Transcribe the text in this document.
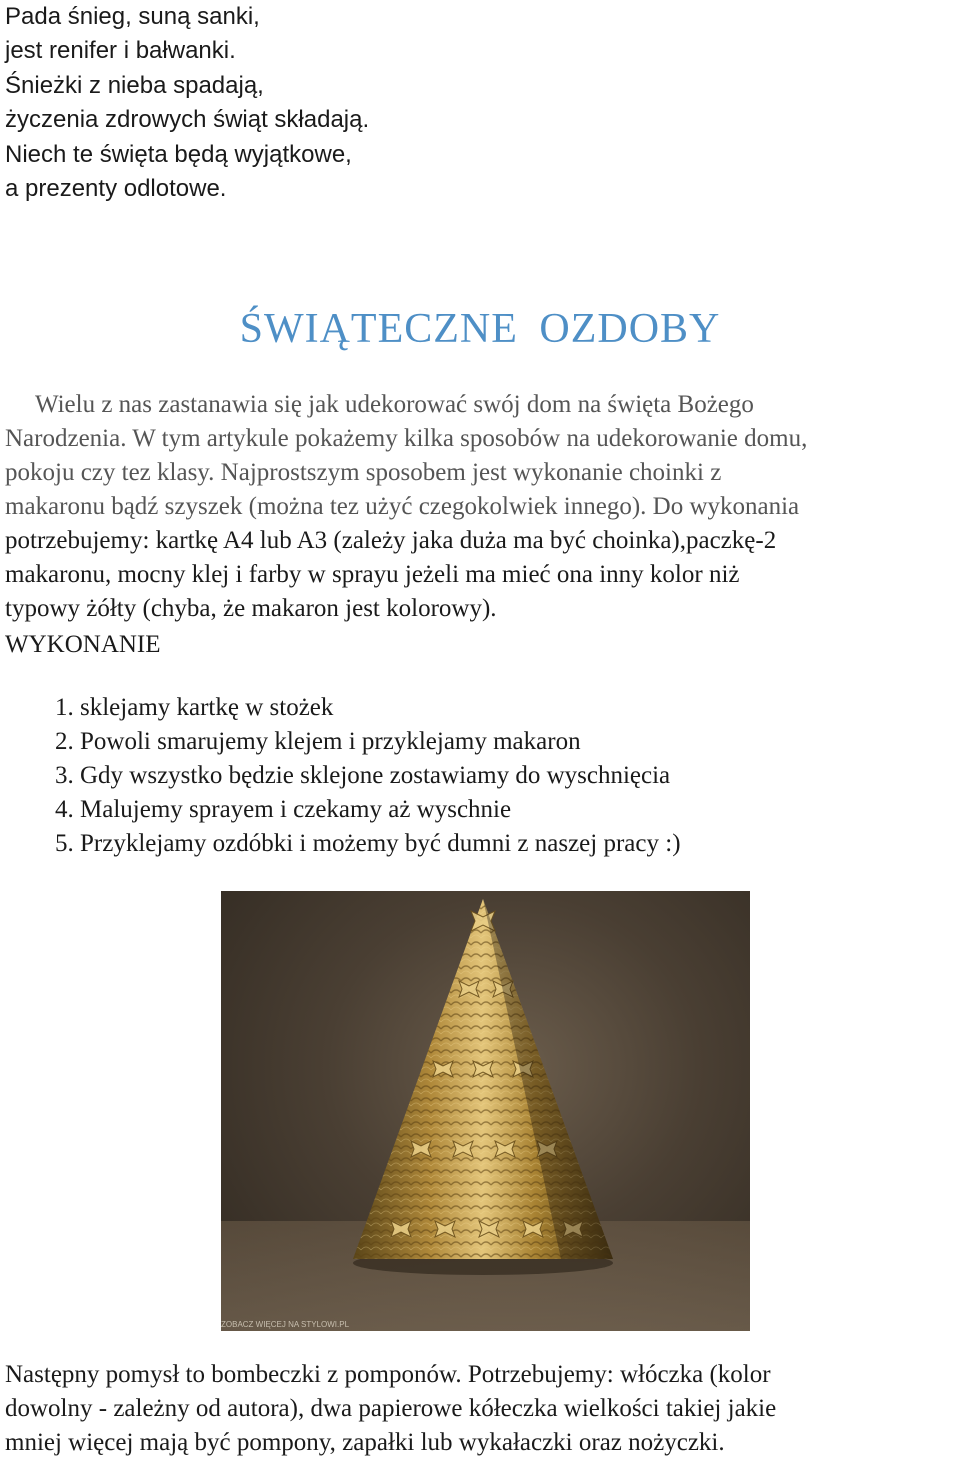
Pada śnieg, suną sanki,
jest renifer i bałwanki.
Śnieżki z nieba spadają,
życzenia zdrowych świąt składają.
Niech te święta będą wyjątkowe,
a prezenty odlotowe.
ŚWIĄTECZNE OZDOBY
Wielu z nas zastanawia się jak udekorować swój dom na święta Bożego
Narodzenia. W tym artykule pokażemy kilka sposobów na udekorowanie domu,
pokoju czy tez klasy. Najprostszym sposobem jest wykonanie choinki z
makaronu bądź szyszek (można tez użyć czegokolwiek innego). Do wykonania
potrzebujemy: kartkę A4 lub A3 (zależy jaka duża ma być choinka),paczkę-2
makaronu, mocny klej i farby w sprayu jeżeli ma mieć ona inny kolor niż
typowy żółty (chyba, że makaron jest kolorowy).
WYKONANIE
1. sklejamy kartkę w stożek
2. Powoli smarujemy klejem i przyklejamy makaron
3. Gdy wszystko będzie sklejone zostawiamy do wyschnięcia
4. Malujemy sprayem i czekamy aż wyschnie
5. Przyklejamy ozdóbki i możemy być dumni z naszej pracy :)
ZOBACZ WIĘCEJ NA STYLOWI.PL
Następny pomysł to bombeczki z pomponów. Potrzebujemy: włóczka (kolor
dowolny - zależny od autora), dwa papierowe kółeczka wielkości takiej jakie
mniej więcej mają być pompony, zapałki lub wykałaczki oraz nożyczki.
